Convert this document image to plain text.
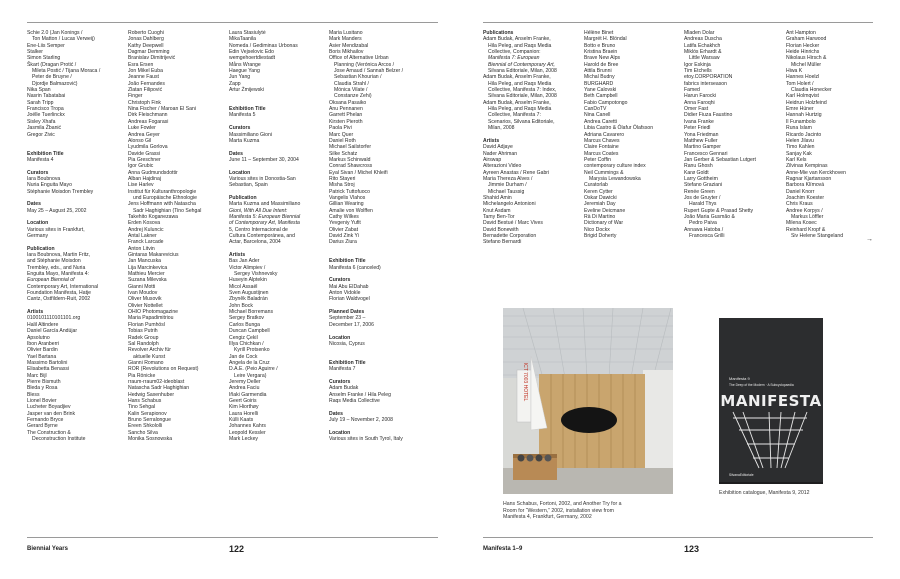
Schie 2.0 (Jan Konings /
Ton Matton / Lucas Verweij)
Ene-Liis Semper
Stalker
Simon Starling
Škart (Dragan Protić /
Mileta Postić / Tijana Moraca /
Peter de Bruyne /
Djordje Balmazović)
Nika Span
Nasrin Tabatabai
Sarah Tripp
Francisco Tropa
Joëlle Tuerlinckx
Sisley Xhafa
Jasmila Žbanić
Gregor Zivic
Exhibition Title
Manifesta 4
Curators
Iara Boubnova
Nuria Enguita Mayo
Stéphanie Moisdon Trembley
Dates
May 25 – August 25, 2002
Location
Various sites in Frankfurt,
Germany
Publication
Iara Boubnova, Martin Fritz,
and Stéphanie Moisdon
Trembley, eds., and Nuria
Enguita Mayo, Manifesta 4:
European Biennial of
Contemporary Art, International
Foundation Manifesta, Hatje
Cantz, Ostfildern-Ruit, 2002
Artists
0100101110101101.org
Halil Altindere
Daniel García Andújar
Apsolutno
Ibon Aranberri
Olivier Bardin
Yael Bartana
Massimo Bartolini
Elisabetta Benassi
Marc Bijl
Pierre Bismuth
Bleda y Rosa
Bless
Lionel Bovier
Lucheter Boyadjiev
Jasper van den Brink
Fernando Bryce
Gerard Byrne
The Construction &
Deconstruction Institute
Roberto Cuoghi
Jonas Dahlberg
Kathy Deepwell
Dagmar Demming
Branislav Dimitrijević
Esra Ersen
Jon Mikel Euba
Jeanne Faust
João Fernandes
Zlatan Filipović
Finger
Christoph Fink
Nina Fischer / Maroan El Sani
Dirk Fleischmann
Andreas Fogarasi
Luke Fowler
Andrea Geyer
Alonso Gil
Lyudmila Gorlova
Davide Grassi
Pia Greschner
Igor Grubic
Anna Gudmundsdottir
Alban Hajdinaj
Lise Harlev
Institut für Kulturanthropologie
und Europäische Ethnologie
Jens Hoffmann with Natascha
Sadr Haghighian (Tino Sehgal
Takehito Koganezawa
Erden Kosova
Andrej Kuluncic
Antal Lakner
Franck Larcade
Anton Litvin
Gintaras Makarevicius
Jan Mancuska
Lija Marcinkevica
Mathieu Mercier
Suzana Milevska
Gianni Motti
Ivan Moudov
Oliver Musovik
Olivier Nottellet
OHIO Photomagazine
Maria Papadimitriou
Florian Pumhösl
Tobias Putrih
Radek Group
Sal Randolph
Revolver Archiv für
aktuelle Kunst
Gianni Romano
ROR (Revolutions on Request)
Pia Rönicke
rraum-rraum02-ideoblast
Natascha Sadr Haghighian
Hedwig Saxenhuber
Hans Schabus
Tino Sehgal
Kalin Serapionov
Bruno Serralongue
Ereen Shkololli
Sancho Silva
Monika Sosnowska
Laura Stasiulytė
MikaTaanila
Nomeda / Gediminas Urbonas
Edin Vejselovic Edo
wemgehoertdiestadt
Måns Wrange
Haegue Yang
Jun Yang
Zapp
Artur Żmijewski
Exhibition Title
Manifesta 5
Curators
Massimiliano Gioni
Marta Kuzma
Dates
June 11 – September 30, 2004
Location
Various sites in Donostia-San
Sebastian, Spain
Publication
Marta Kuzma and Massimiliano
Gioni, With All Due Intent:
Manifesta 5: European Biennial
of Contemporary Art, Manifesta
5, Centro Internacional de
Cultura Contemporánea, and
Actar, Barcelona, 2004
Artists
Bas Jan Ader
Victor Alimpiev /
Sergey Vishnevsky
Huseyin Alptekin
Micol Assaël
Sven Augustijnen
Zbynĕk Baladrán
John Bock
Michael Borremans
Sergey Bratkov
Carlos Bunga
Duncan Campbell
Cengiz Çekil
Illya Chichkan /
Kyrill Protsenko
Jan de Cock
Angela de la Cruz
D.A.E. (Peio Aguirre /
Leire Vergara)
Jeremy Deller
Andrea Faciu
Iñaki Garmendia
Geert Goiris
Kim Hiorthøy
Laura Horelli
Külli Kaats
Johannes Kahrs
Leopold Kessler
Mark Leckey
Maria Lusitano
Mark Manders
Asier Mendizabal
Boris Mikhailov
Office of Alternative Urban
Planning (Verónica Arcos /
Jose Arnaud / Sannah Belzer /
Sebastian Khourian /
Claudia Strahl /
Mónica Vilate /
Constanze Zehi)
Oksana Pasaiko
Anu Pennanen
Garrett Phelan
Kirsten Pieroth
Paola Pivi
Marc Quer
Daniel Roth
Michael Sailstorfer
Silke Schatz
Markus Schinwald
Conrad Shawcross
Eyal Sivan / Michel Khleifi
Rito Stayeri
Misha Stroj
Patrick Tuttofuoco
Vangelis Vlahos
Gillian Wearing
Amalie von Wolffen
Cathy Wilkes
Yevgeniy Yufit
Olivier Zabat
David Zink Yi
Darius Ziura
Exhibition Title
Manifesta 6 (canceled)
Curators
Mai Abu ElDahab
Anton Vidokle
Florian Waldvogel
Planned Dates
September 23 –
December 17, 2006
Location
Nicosia, Cyprus
Exhibition Title
Manifesta 7
Curators
Adam Budak
Anselm Franke / Hila Peleg
Raqs Media Collective
Dates
July 19 – November 2, 2008
Location
Various sites in South Tyrol, Italy
Publications
Adam Budak, Anselm Franke,
Hila Peleg, and Raqs Media
Collective, Companion:
Manifesta 7: European
Biennial of Contemporary Art,
Silvana Editoriale, Milan, 2008
Adam Budak, Anselm Franke,
Hila Peleg, and Raqs Media
Collective, Manifesta 7: Index,
Silvana Editoriale, Milan, 2008
Adam Budak, Anselm Franke,
Hila Peleg, and Raqs Media
Collective, Manifesta 7:
Scenarios, Silvana Editoriale,
Milan, 2008
Artists
David Adjaye
Nader Ahriman
Airswap
Alterazioni Video
Ayreen Anastas / Rene Gabri
Maria Thereza Alves /
Jimmie Durham /
Michael Taussig
Shahid Amin
Michelangelo Antonioni
Knut Asdam
Tamy Ben-Tor
David Bestué / Marc Vives
David Bonewith
Bernadette Corporation
Stefano Bernardi
Hélène Binet
Margrét H. Blöndal
Botto e Bruno
Kristina Braein
Brave New Alps
Harold de Bree
Attila Brunni
Michal Budny
BURGHARD
Yane Calovski
Beth Campbell
Fabio Campotongo
CanDoTV
Nina Canell
Andrea Caretti
Libia Castro & Ólafur Ólafsson
Adriana Cavarero
Marcus Chaves
Claire Fontaine
Marcus Coates
Peter Coffin
contemporary culture index
Neil Cummings &
Marysia Lewandowska
Curatorlab
Keren Cytter
Oskar Dawicki
Jeremiah Day
Eveline Deicmane
Rä Di Martino
Dictionary of War
Nico Dockx
Brigid Doherty
Mladen Dolar
Andreas Duscha
Latifa Echakhch
Miklós Erhardt &
Little Warsaw
Igor Eskinja
Tim Etchells
etoy.CORPORATION
fabrics interseason
Famed
Harun Farocki
Anna Faroqhi
Omer Fast
Didier Fiuza Faustino
Ivana Franke
Peter Friedl
Yona Friedman
Matthew Fuller
Martino Gamper
Francesco Gennari
Jan Gerber & Sebastian Lutgert
Ranu Ghosh
Karø Goldt
Larry Gottheim
Stefano Graziani
Renée Green
Jos de Gruyter /
Harald Thys
Rupert Gupte & Prasad Shetty
João Maria Gusmão &
Pedro Paiva
Annawa Hatoba /
Francesca Grilli
Ant Hampton
Graham Harwood
Florian Hecker
Heide Hinrichs
Nikolaus Hirsch &
Michel Müller
Hiwa K
Hannes Hoelzl
Tom Holert /
Claudia Honecker
Karl Holmqvist
Heidrun Holzfeind
Emre Hüner
Hannah Hurtzig
Il Funambolo
Runa Islam
Ricardo Jacinto
Helen Jilavu
Timo Kahlen
Sanjay Kak
Karl Kels
Zilvinas Kempinas
Anne-Mie van Kerckhoven
Ragnar Kjartansson
Barbora Klímová
Daniel Knorr
Joachim Koester
Chris Kraus
Andree Korpys /
Markus Löffler
Milena Kosec
Reinhard Kropf &
Siv Helene Stangeland	→
ICT 7003 HOTEL
Hans Schabus, Fortoni, 2002, and Another Try for a
Room for “Western,” 2002, installation view from
Manifesta 4, Frankfurt, Germany, 2002
Manifesta 9
The Deep of the Modern · A Subcyclopaedia
MANIFESTA
SilvanaEditoriale
Exhibition catalogue, Manifesta 9, 2012
Biennial Years	122	Manifesta 1–9	123
